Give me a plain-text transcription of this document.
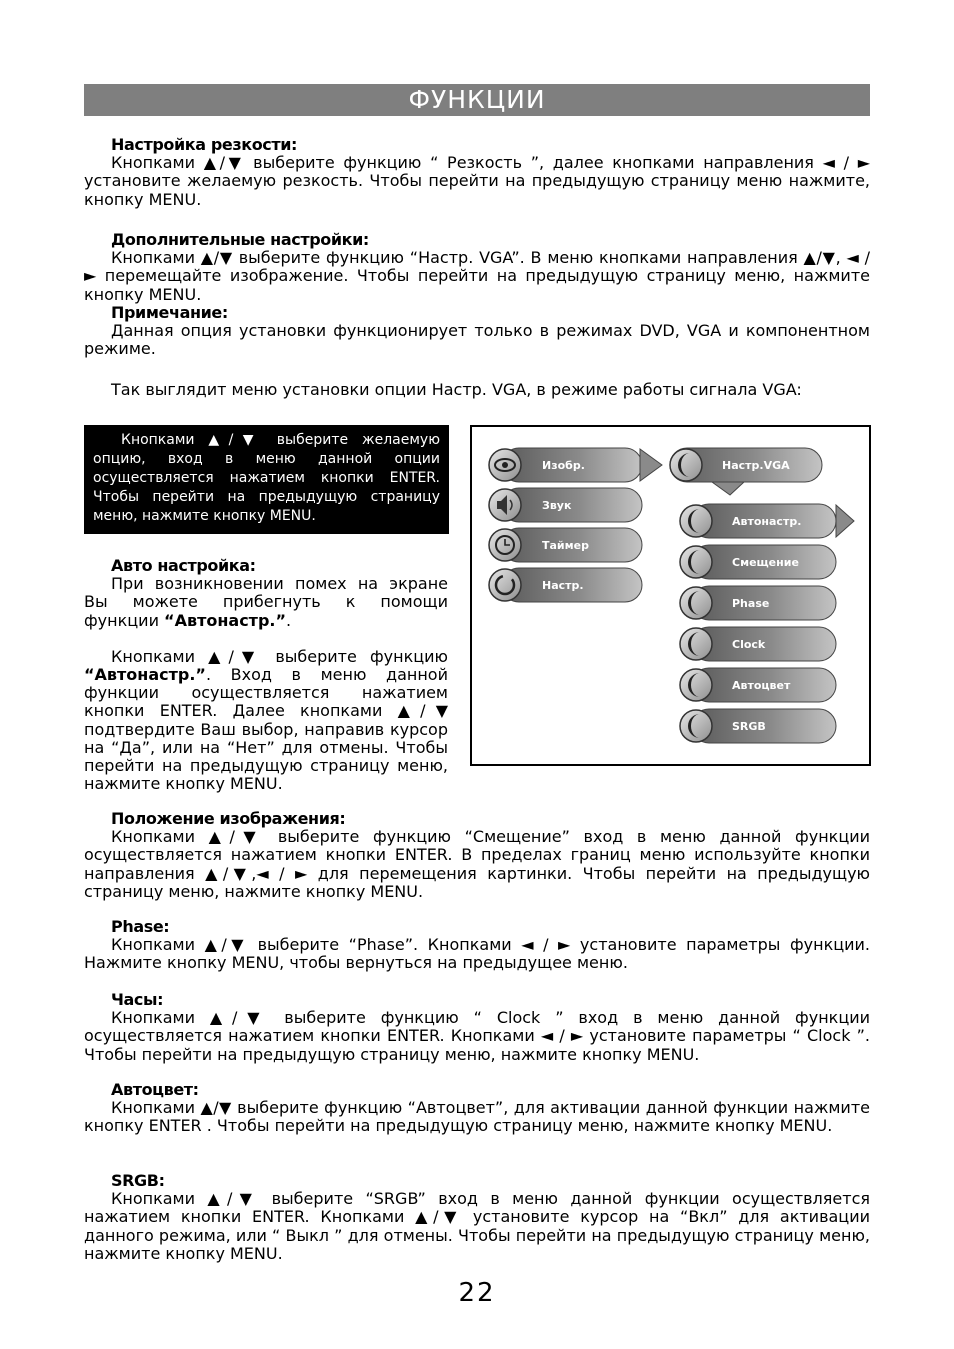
ФУНКЦИИ
Настройка резкости:

Кнопками ▲/▼ выберите функцию “ Резкость ”, далее кнопками направления ◄ / ► установите желаемую резкость. Чтобы перейти на предыдущую страницу меню нажмите, кнопку MENU.

Дополнительные настройки:

Кнопками ▲/▼ выберите функцию “Настр. VGA”. В меню кнопками направления ▲/▼, ◄ / ► перемещайте изображение. Чтобы перейти на предыдущую страницу меню, нажмите кнопку MENU.

Примечание:

Данная опция установки функционирует только в режимах DVD, VGA и компонентном режиме.

Так выглядит меню установки опции Настр. VGA, в режиме работы сигнала VGA:

Кнопками ▲/▼ выберите желаемую опцию, вход в меню данной опции осуществляется нажатием кнопки ENTER. Чтобы перейти на предыдущую страницу меню, нажмите кнопку MENU.

Авто настройка:

При возникновении помех на экране Вы можете прибегнуть к помощи функции “Автонастр.”.

Кнопками ▲/▼ выберите функцию “Автонастр.”. Вход в меню данной функции осуществляется нажатием кнопки ENTER. Далее кнопками ▲/▼ подтвердите Ваш выбор, направив курсор на “Да”, или на “Нет” для отмены. Чтобы перейти на предыдущую страницу меню, нажмите кнопку MENU.

Изобр.
Звук
Таймер
Настр.
Настр.VGA
Автонастр.
Смещение
Phase
Clock
Автоцвет
SRGB
Положение изображения:

Кнопками ▲/▼ выберите функцию “Смещение” вход в меню данной функции осуществляется нажатием кнопки ENTER. В пределах границ меню используйте кнопки направления ▲/▼,◄ / ► для перемещения картинки. Чтобы перейти на предыдущую страницу меню, нажмите кнопку MENU.

Phase:

Кнопками ▲/▼ выберите “Phase”. Кнопками ◄ / ► установите параметры функции. Нажмите кнопку MENU, чтобы вернуться на предыдущее меню.

Часы:

Кнопками ▲/▼ выберите функцию “ Clock ” вход в меню данной функции осуществляется нажатием кнопки ENTER. Кнопками ◄ / ► установите параметры “ Clock ”. Чтобы перейти на предыдущую страницу меню, нажмите кнопку MENU.

Автоцвет:

Кнопками ▲/▼ выберите функцию “Автоцвет”, для активации данной функции нажмите кнопку ENTER . Чтобы перейти на предыдущую страницу меню, нажмите кнопку MENU.

SRGB:

Кнопками ▲/▼ выберите “SRGB” вход в меню данной функции осуществляется нажатием кнопки ENTER. Кнопками ▲/▼ установите курсор на “Вкл” для активации данного режима, или “ Выкл ” для отмены. Чтобы перейти на предыдущую страницу меню, нажмите кнопку MENU.

22
